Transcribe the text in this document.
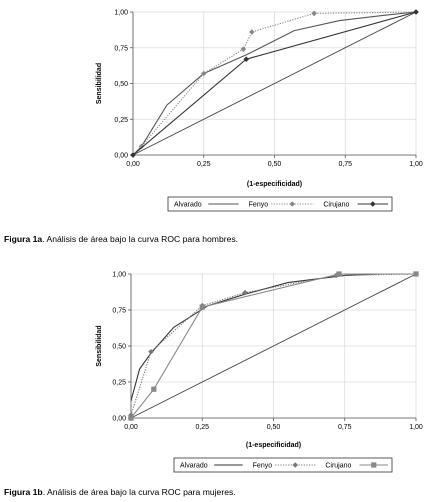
0,00
0,00
0,25
0,25
0,50
0,50
0,75
0,75
1,00
1,00
(1-especificidad)
Sensibilidad
Alvarado	Fenyo	Cirujano
0,00
0,00
0,25
0,25
0,50
0,50
0,75
0,75
1,00
1,00
(1-especificidad)
Sensibilidad
Alvarado	Fenyo	Cirujano
Figura 1a. Análisis de área bajo la curva ROC para hombres.
Figura 1b. Análisis de área bajo la curva ROC para mujeres.
